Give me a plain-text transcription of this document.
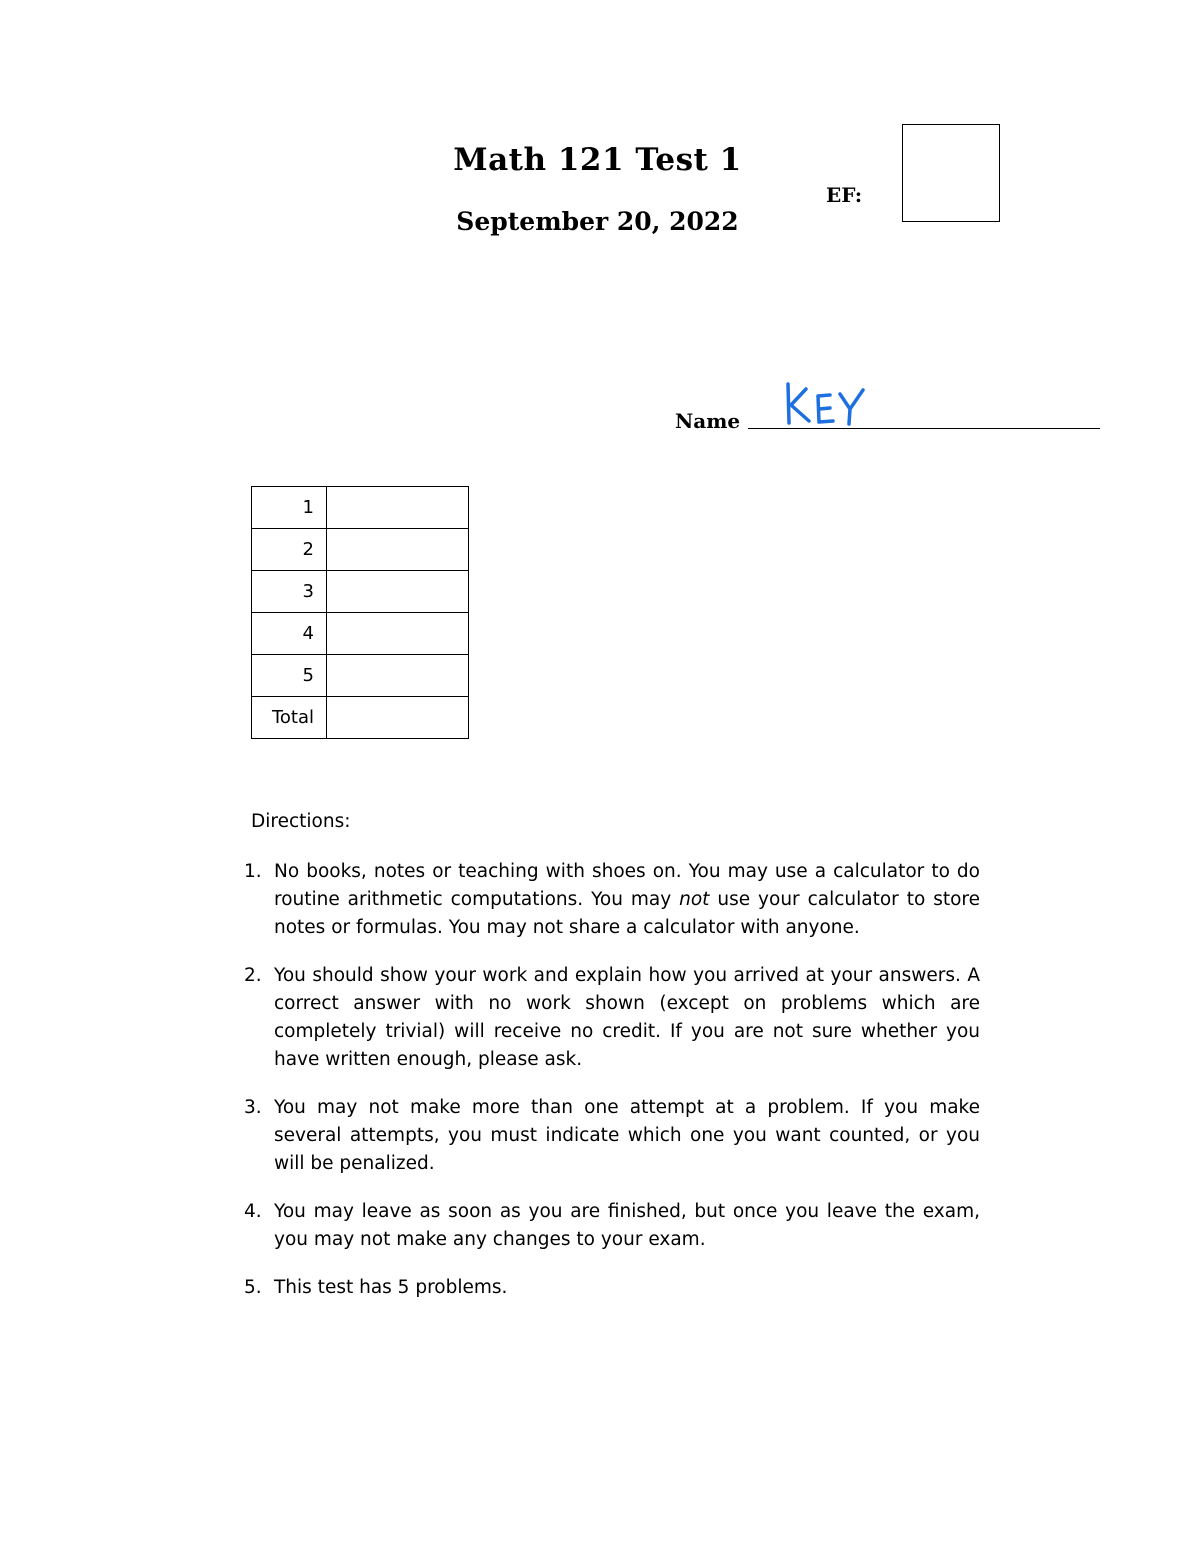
Math 121 Test 1
September 20, 2022
EF:
Name
1	
2	
3	
4	
5	
Total	
Directions:
1. No books, notes or teaching with shoes on. You may use a calculator to do routine arithmetic computations. You may not use your calculator to store notes or formulas. You may not share a calculator with anyone.
2. You should show your work and explain how you arrived at your answers. A correct answer with no work shown (except on problems which are completely trivial) will receive no credit. If you are not sure whether you have written enough, please ask.
3. You may not make more than one attempt at a problem. If you make several attempts, you must indicate which one you want counted, or you will be penalized.
4. You may leave as soon as you are finished, but once you leave the exam, you may not make any changes to your exam.
5. This test has 5 problems.
